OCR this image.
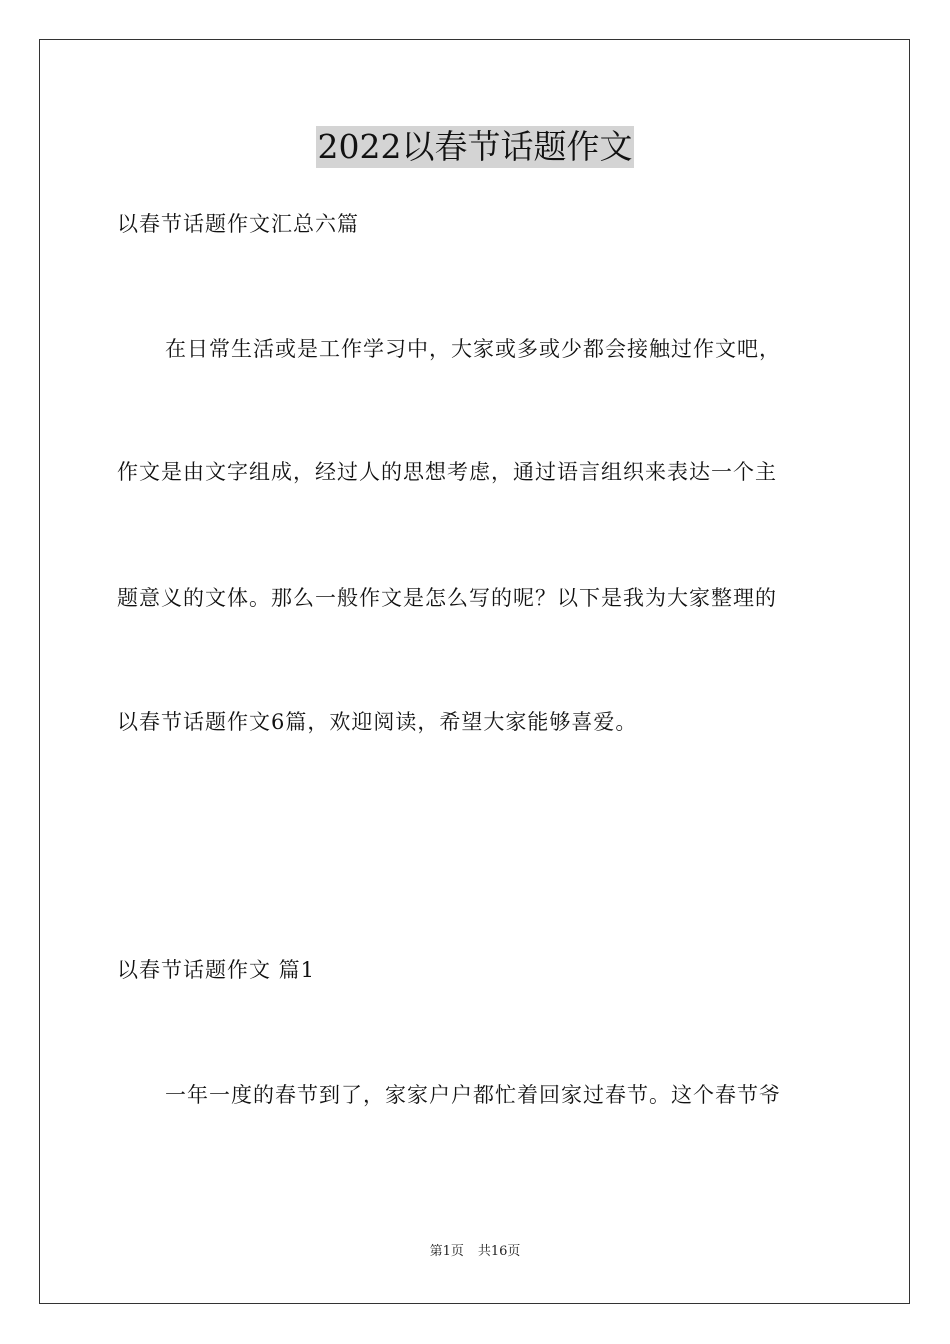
2022以春节话题作文
以春节话题作文汇总六篇
在日常生活或是工作学习中，大家或多或少都会接触过作文吧，
作文是由文字组成，经过人的思想考虑，通过语言组织来表达一个主
题意义的文体。那么一般作文是怎么写的呢？以下是我为大家整理的
以春节话题作文6篇，欢迎阅读，希望大家能够喜爱。
以春节话题作文 篇1
一年一度的春节到了，家家户户都忙着回家过春节。这个春节爷
第1页 共16页
